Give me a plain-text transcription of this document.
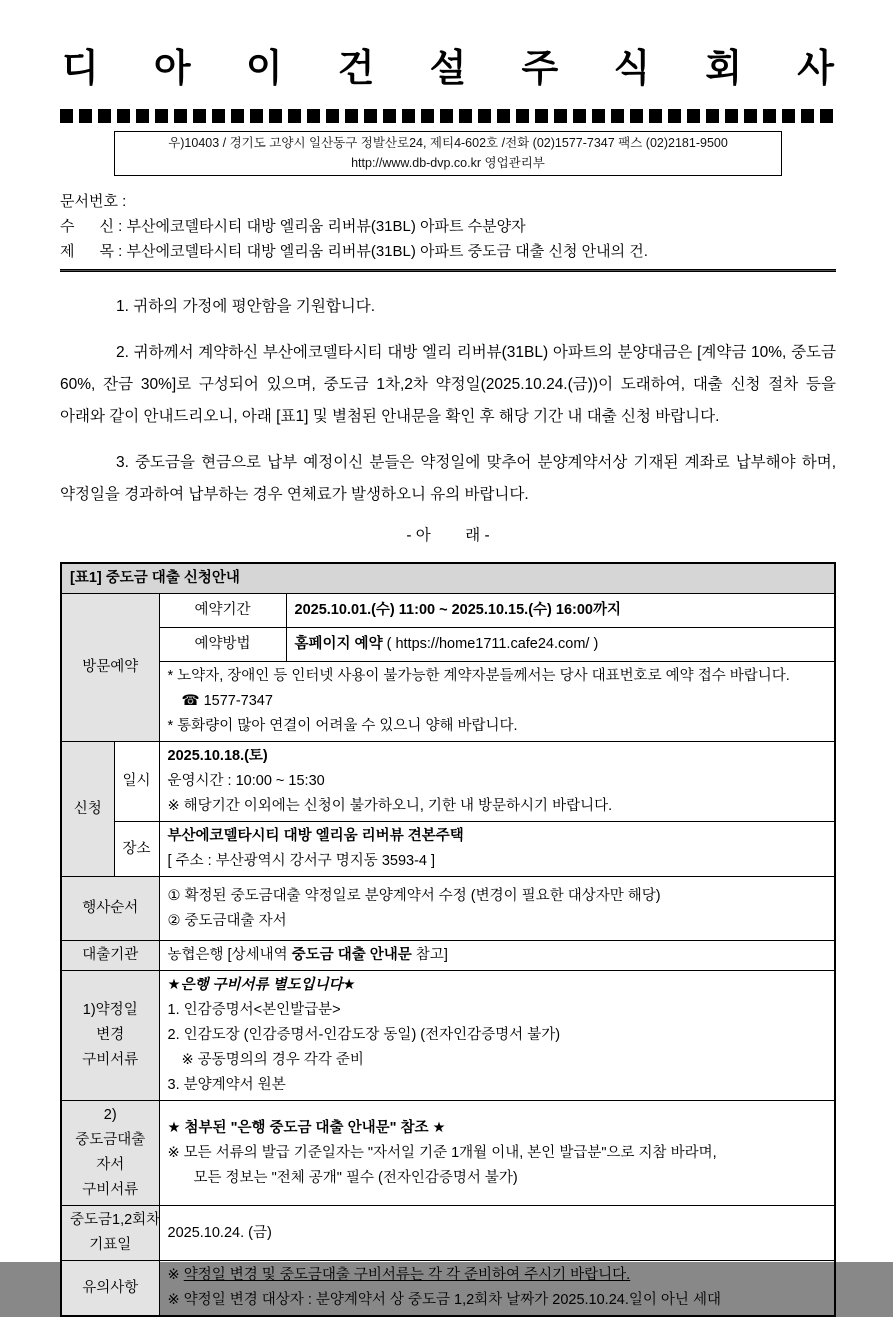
디 아 이 건 설 주 식 회 사
우)10403 / 경기도 고양시 일산동구 정발산로24, 제티4-602호 /전화 (02)1577-7347 팩스 (02)2181-9500
http://www.db-dvp.co.kr 영업관리부
문서번호 :
수      신 : 부산에코델타시티 대방 엘리움 리버뷰(31BL) 아파트 수분양자
제      목 : 부산에코델타시티 대방 엘리움 리버뷰(31BL) 아파트 중도금 대출 신청 안내의 건.

1. 귀하의 가정에 평안함을 기원합니다.

2. 귀하께서 계약하신 부산에코델타시티 대방 엘리 리버뷰(31BL) 아파트의 분양대금은 [계약금 10%, 중도금 60%, 잔금 30%]로 구성되어 있으며, 중도금 1차,2차 약정일(2025.10.24.(금))이 도래하여, 대출 신청 절차 등을 아래와 같이 안내드리오니, 아래 [표1] 및 별첨된 안내문을 확인 후 해당 기간 내 대출 신청 바랍니다.

3. 중도금을 현금으로 납부 예정이신 분들은 약정일에 맞추어 분양계약서상 기재된 계좌로 납부해야 하며, 약정일을 경과하여 납부하는 경우 연체료가 발생하오니 유의 바랍니다.

- 아        래 -
[표1] 중도금 대출 신청안내			
방문예약		예약기간	2025.10.01.(수) 11:00 ~ 2025.10.15.(수) 16:00까지
		예약방법	홈페이지 예약 ( https://home1711.cafe24.com/ )

		* 노약자, 장애인 등 인터넷 사용이 불가능한 계약자분들께서는 당사 대표번호로 예약 접수 바랍니다.
☎ 1577-7347
* 통화량이 많아 연결이 어려울 수 있으니 양해 바랍니다.	

신청	일시	2025.10.18.(토)
운영시간 : 10:00 ~ 15:30
※ 해당기간 이외에는 신청이 불가하오니, 기한 내 방문하시기 바랍니다.	

	장소	부산에코델타시티 대방 엘리움 리버뷰 견본주택
[ 주소 : 부산광역시 강서구 명지동 3593-4 ]	

행사순서		① 확정된 중도금대출 약정일로 분양계약서 수정 (변경이 필요한 대상자만 해당)
② 중도금대출 자서	

대출기관		농협은행 [상세내역 중도금 대출 안내문 참고]	
1)약정일 변경 구비서류		★은행 구비서류 별도입니다★
1. 인감증명서<본인발급분>
2. 인감도장 (인감증명서-인감도장 동일) (전자인감증명서 불가)
※ 공동명의의 경우 각각 준비
3. 분양계약서 원본	

2)중도금대출 자서 구비서류		★ 첨부된 "은행 중도금 대출 안내문" 참조 ★
※ 모든 서류의 발급 기준일자는 "자서일 기준 1개월 이내, 본인 발급분"으로 지참 바라며,
모든 정보는 "전체 공개" 필수 (전자인감증명서 불가)	

중도금1,2회차 기표일		2025.10.24. (금)	
유의사항		※ 약정일 변경 및 중도금대출 구비서류는 각 각 준비하여 주시기 바랍니다.
※ 약정일 변경 대상자 : 분양계약서 상 중도금 1,2회차 날짜가 2025.10.24.일이 아닌 세대	
